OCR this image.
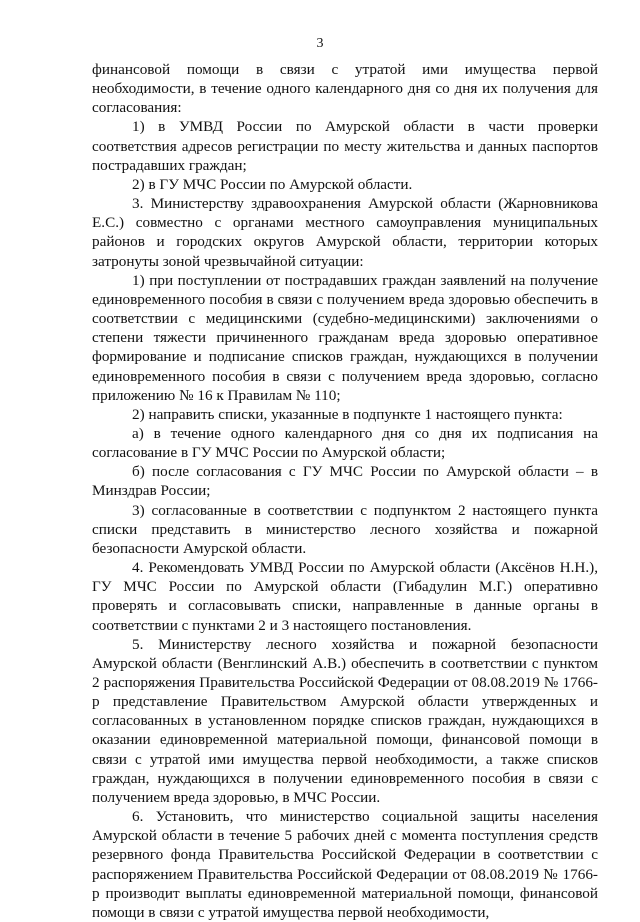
3

финансовой помощи в связи с утратой ими имущества первой необходимости, в течение одного календарного дня со дня их получения для согласования:

1) в УМВД России по Амурской области в части проверки соответствия адресов регистрации по месту жительства и данных паспортов пострадавших граждан;

2) в ГУ МЧС России по Амурской области.

3. Министерству здравоохранения Амурской области (Жарновникова Е.С.) совместно с органами местного самоуправления муниципальных районов и городских округов Амурской области, территории которых затронуты зоной чрезвычайной ситуации:

1) при поступлении от пострадавших граждан заявлений на получение единовременного пособия в связи с получением вреда здоровью обеспечить в соответствии с медицинскими (судебно-медицинскими) заключениями о степени тяжести причиненного гражданам вреда здоровью оперативное формирование и подписание списков граждан, нуждающихся в получении единовременного пособия в связи с получением вреда здоровью, согласно приложению № 16 к Правилам № 110;

2) направить списки, указанные в подпункте 1 настоящего пункта:

а) в течение одного календарного дня со дня их подписания на согласование в ГУ МЧС России по Амурской области;

б) после согласования с ГУ МЧС России по Амурской области – в Минздрав России;

3) согласованные в соответствии с подпунктом 2 настоящего пункта списки представить в министерство лесного хозяйства и пожарной безопасности Амурской области.

4. Рекомендовать УМВД России по Амурской области (Аксёнов Н.Н.), ГУ МЧС России по Амурской области (Гибадулин М.Г.) оперативно проверять и согласовывать списки, направленные в данные органы в соответствии с пунктами 2 и 3 настоящего постановления.

5. Министерству лесного хозяйства и пожарной безопасности Амурской области (Венглинский А.В.) обеспечить в соответствии с пунктом 2 распоряжения Правительства Российской Федерации от 08.08.2019 № 1766-р представление Правительством Амурской области утвержденных и согласованных в установленном порядке списков граждан, нуждающихся в оказании единовременной материальной помощи, финансовой помощи в связи с утратой ими имущества первой необходимости, а также списков граждан, нуждающихся в получении единовременного пособия в связи с получением вреда здоровью, в МЧС России.

6. Установить, что министерство социальной защиты населения Амурской области в течение 5 рабочих дней с момента поступления средств резервного фонда Правительства Российской Федерации в соответствии с распоряжением Правительства Российской Федерации от 08.08.2019 № 1766-р производит выплаты единовременной материальной помощи, финансовой помощи в связи с утратой имущества первой необходимости,
